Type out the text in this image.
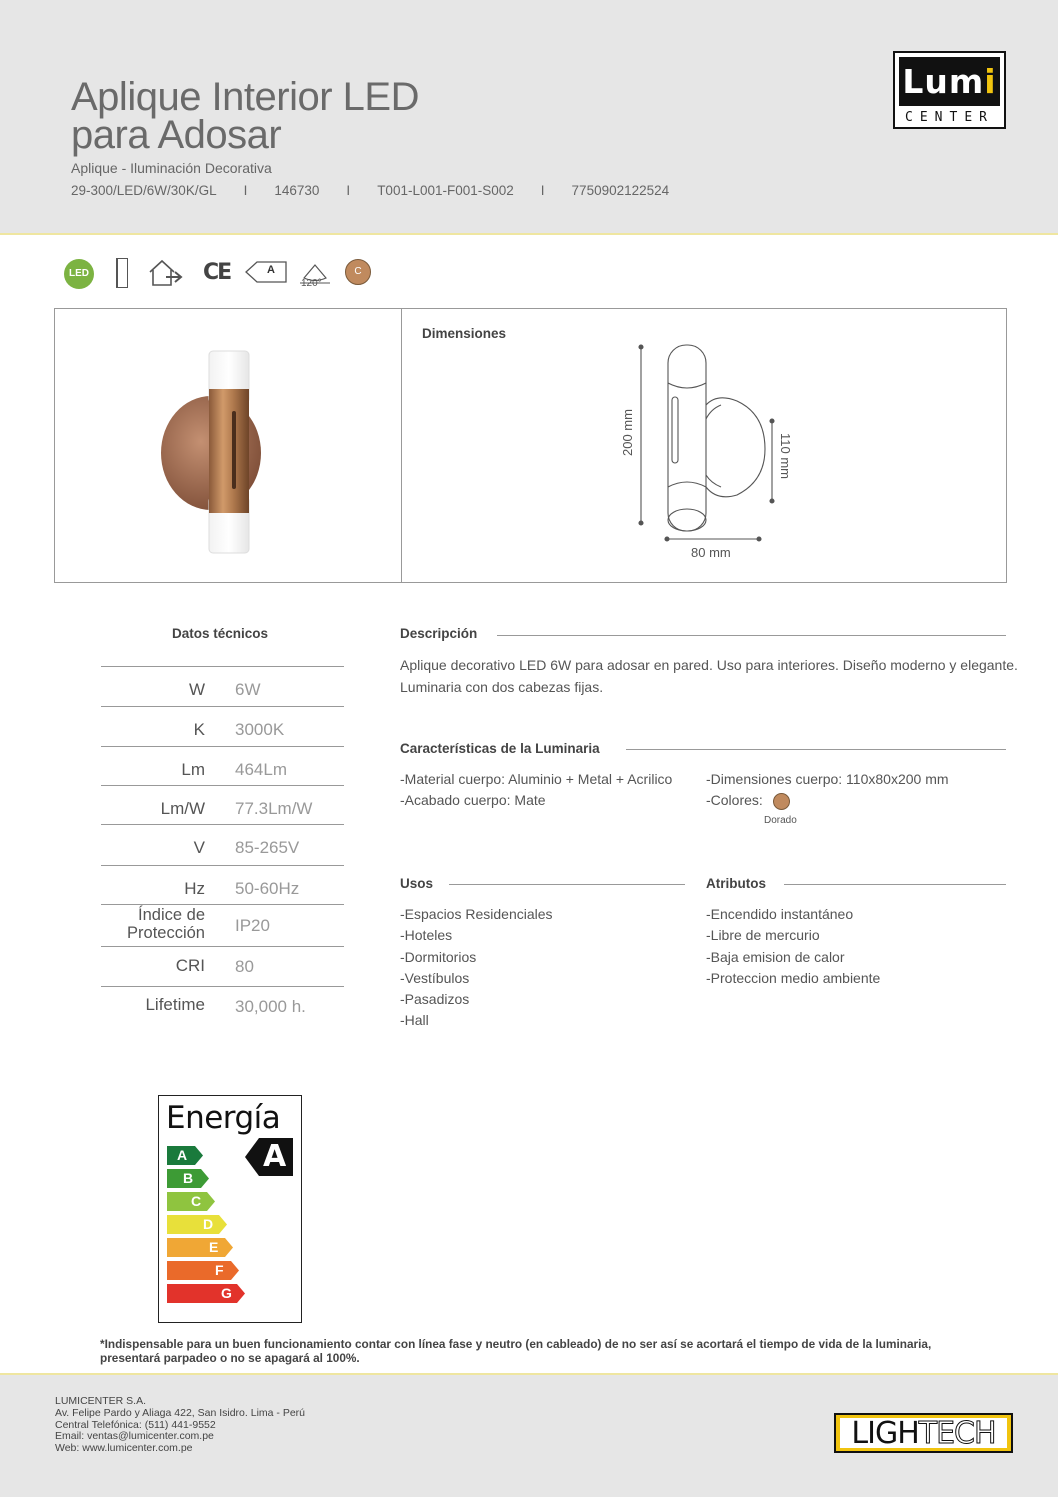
Aplique Interior LED
para Adosar
Aplique - Iluminación Decorativa
29-300/LED/6W/30K/GL I 146730 I T001-L001-F001-S002 I 7750902122524
Lumi
CENTER
LED	CE	A
120°
C
Dimensiones
200 mm	110 mm
80 mm
Datos técnicos
W 6W
K 3000K
Lm 464Lm
Lm/W 77.3Lm/W
V 85-265V
Hz 50-60Hz
Índice de
Protección IP20
CRI 80
Lifetime 30,000 h.
Descripción
Aplique decorativo LED 6W para adosar en pared. Uso para interiores. Diseño moderno y elegante.
Luminaria con dos cabezas fijas.
Características de la Luminaria
-Material cuerpo: Aluminio + Metal + Acrilico
-Acabado cuerpo: Mate
-Dimensiones cuerpo: 110x80x200 mm
-Colores:
Dorado
Usos
-Espacios Residenciales
-Hoteles
-Dormitorios
-Vestíbulos
-Pasadizos
-Hall
Atributos
-Encendido instantáneo
-Libre de mercurio
-Baja emision de calor
-Proteccion medio ambiente
Energía
A
B
C
D
E
F
G
A
*Indispensable para un buen funcionamiento contar con línea fase y neutro (en cableado) de no ser así se acortará el tiempo de vida de la luminaria,
presentará parpadeo o no se apagará al 100%.
LUMICENTER S.A.
Av. Felipe Pardo y Aliaga 422, San Isidro. Lima - Perú
Central Telefónica: (511) 441-9552
Email: ventas@lumicenter.com.pe
Web: www.lumicenter.com.pe	LIGHTECH
